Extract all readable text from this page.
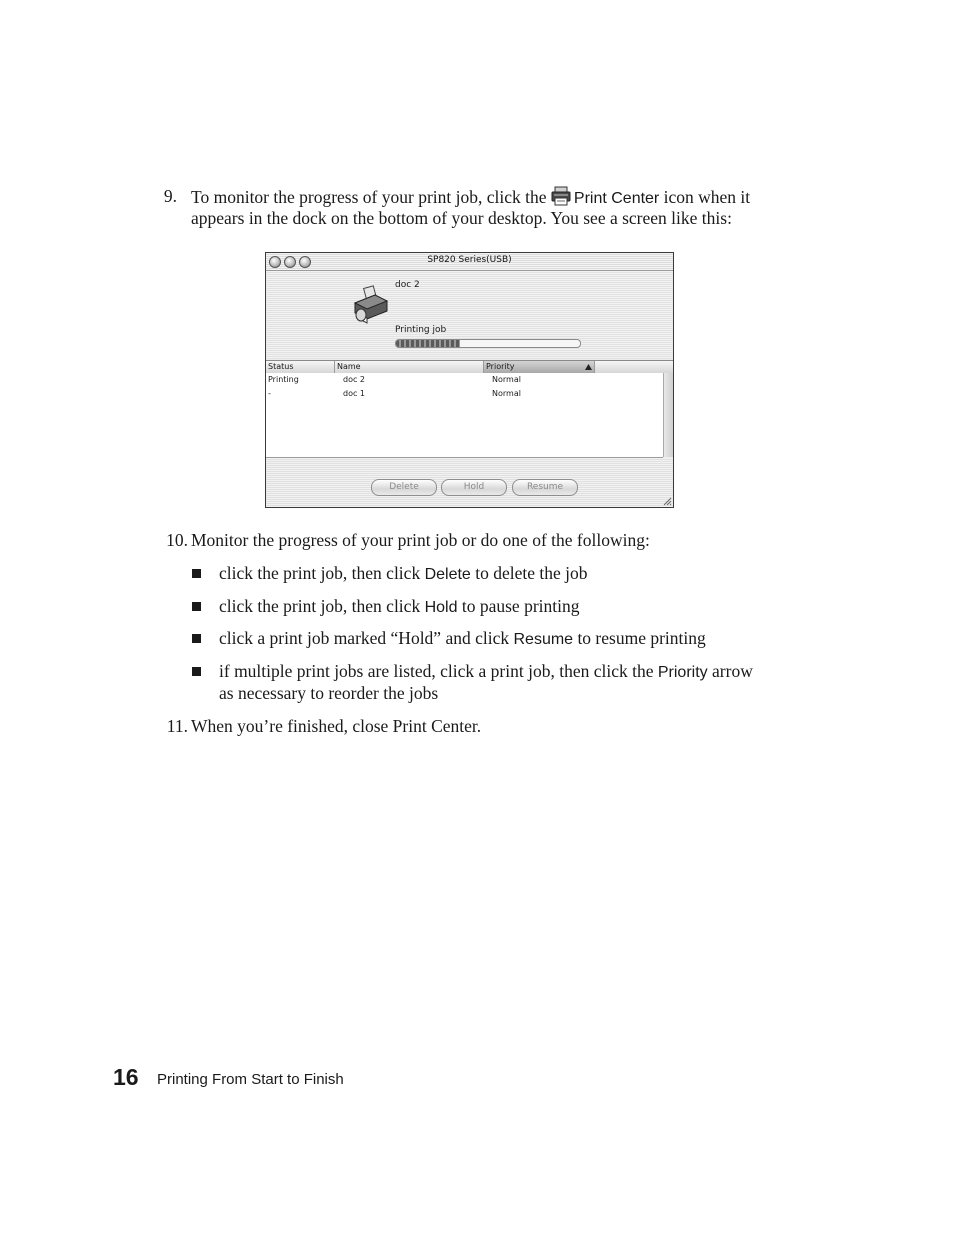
9. To monitor the progress of your print job, click the Print Center icon when it
appears in the dock on the bottom of your desktop. You see a screen like this:
SP820 Series(USB)
doc 2
Printing job
Status	Name	Priority
Printing	doc 2	Normal
-	doc 1	Normal
Delete	Hold	Resume
10. Monitor the progress of your print job or do one of the following:
click the print job, then click Delete to delete the job
click the print job, then click Hold to pause printing
click a print job marked “Hold” and click Resume to resume printing
if multiple print jobs are listed, click a print job, then click the Priority arrow
as necessary to reorder the jobs
11. When you’re finished, close Print Center.
16 Printing From Start to Finish
